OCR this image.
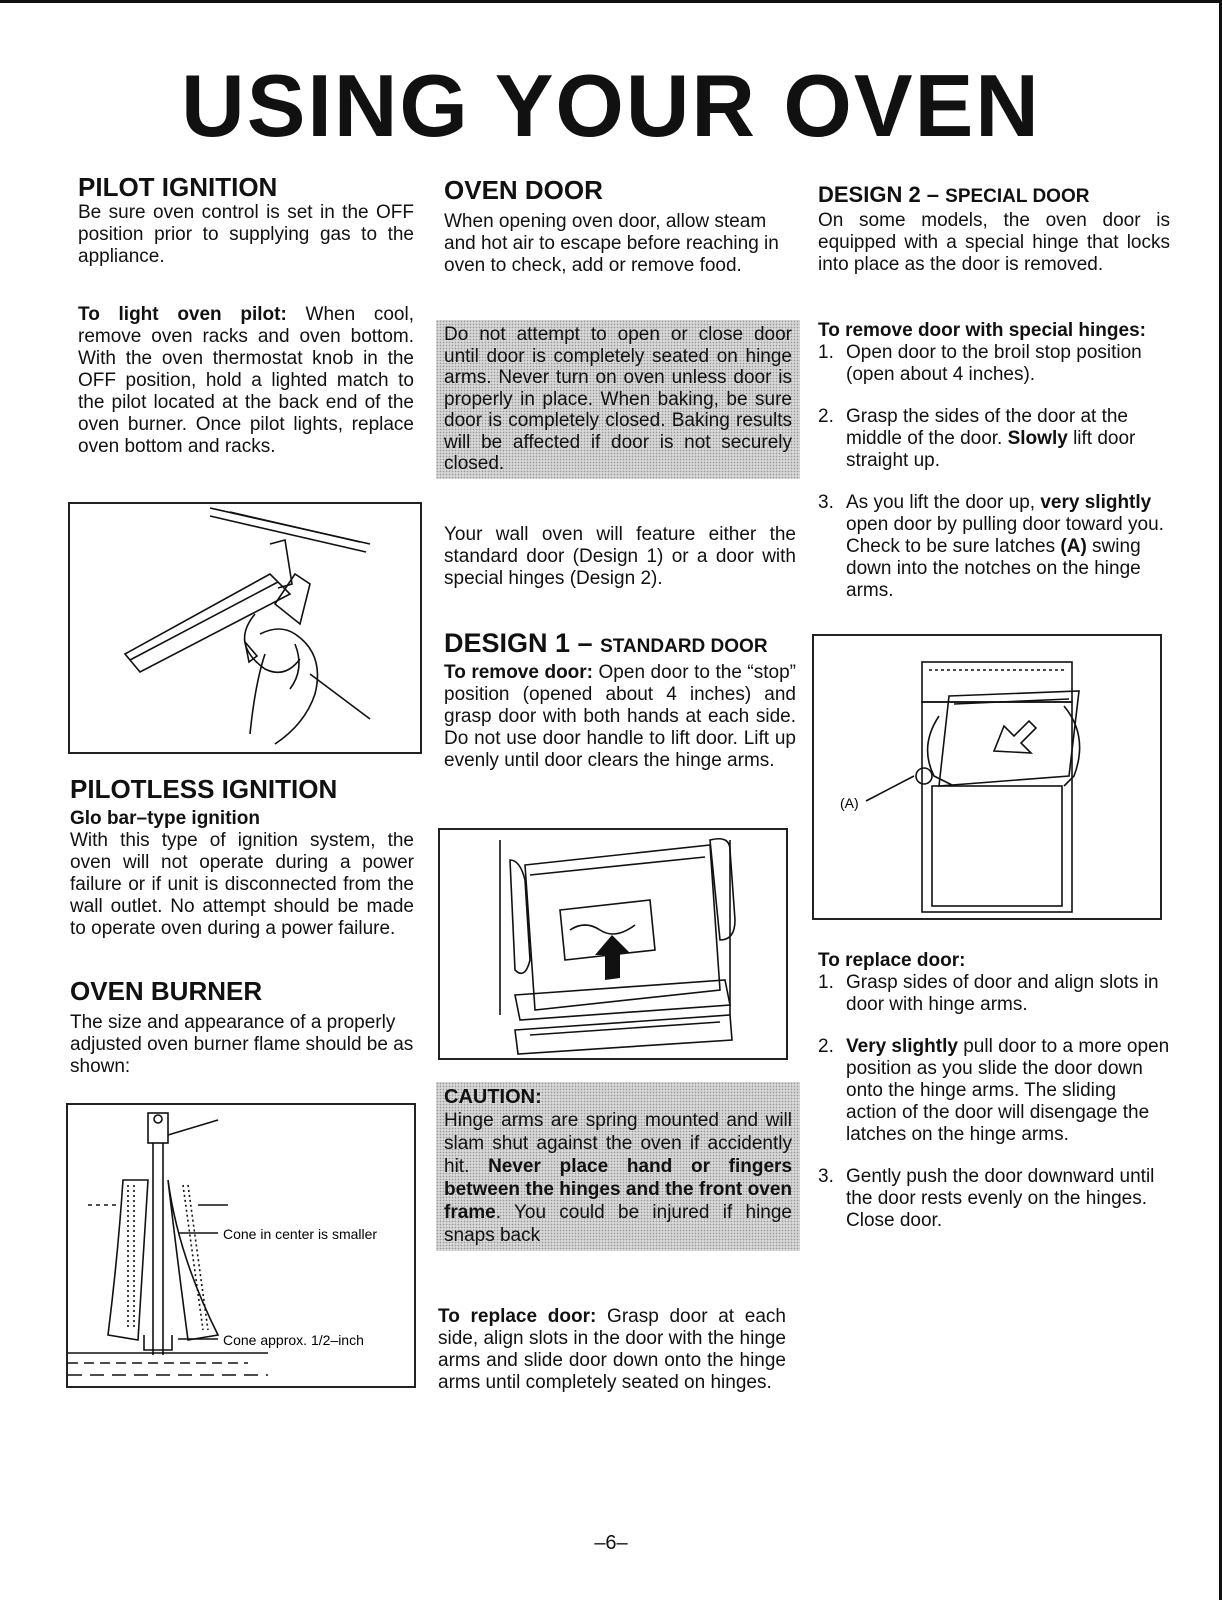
USING YOUR OVEN
PILOT IGNITION

Be sure oven control is set in the OFF position prior to supplying gas to the appliance.

To light oven pilot: When cool, remove oven racks and oven bottom. With the oven thermostat knob in the OFF position, hold a lighted match to the pilot located at the back end of the oven burner. Once pilot lights, replace oven bottom and racks.
PILOTLESS IGNITION

Glo bar–type ignition

With this type of ignition system, the oven will not operate during a power failure or if unit is disconnected from the wall outlet. No attempt should be made to operate oven during a power failure.

OVEN BURNER

The size and appearance of a properly adjusted oven burner flame should be as shown:

Cone in center is smaller
Cone approx. 1/2–inch
OVEN DOOR

When opening oven door, allow steam and hot air to escape before reaching in oven to check, add or remove food.

Do not attempt to open or close door until door is completely seated on hinge arms. Never turn on oven unless door is properly in place. When baking, be sure door is completely closed. Baking results will be affected if door is not securely closed.
Your wall oven will feature either the standard door (Design 1) or a door with special hinges (Design 2).
DESIGN 1 – STANDARD DOOR

To remove door: Open door to the “stop” position (opened about 4 inches) and grasp door with both hands at each side. Do not use door handle to lift door. Lift up evenly until door clears the hinge arms.

CAUTION:
Hinge arms are spring mounted and will slam shut against the oven if accidently hit. Never place hand or fingers between the hinges and the front oven frame. You could be injured if hinge snaps back
To replace door: Grasp door at each side, align slots in the door with the hinge arms and slide door down onto the hinge arms until completely seated on hinges.
DESIGN 2 – SPECIAL DOOR

On some models, the oven door is equipped with a special hinge that locks into place as the door is removed.

To remove door with special hinges:

1. Open door to the broil stop position (open about 4 inches).
2. Grasp the sides of the door at the middle of the door. Slowly lift door straight up.
3. As you lift the door up, very slightly open door by pulling door toward you. Check to be sure latches (A) swing down into the notches on the hinge arms.
(A)

To replace door:

1. Grasp sides of door and align slots in door with hinge arms.
2. Very slightly pull door to a more open position as you slide the door down onto the hinge arms. The sliding action of the door will disengage the latches on the hinge arms.
3. Gently push the door downward until the door rests evenly on the hinges. Close door.
–6–
